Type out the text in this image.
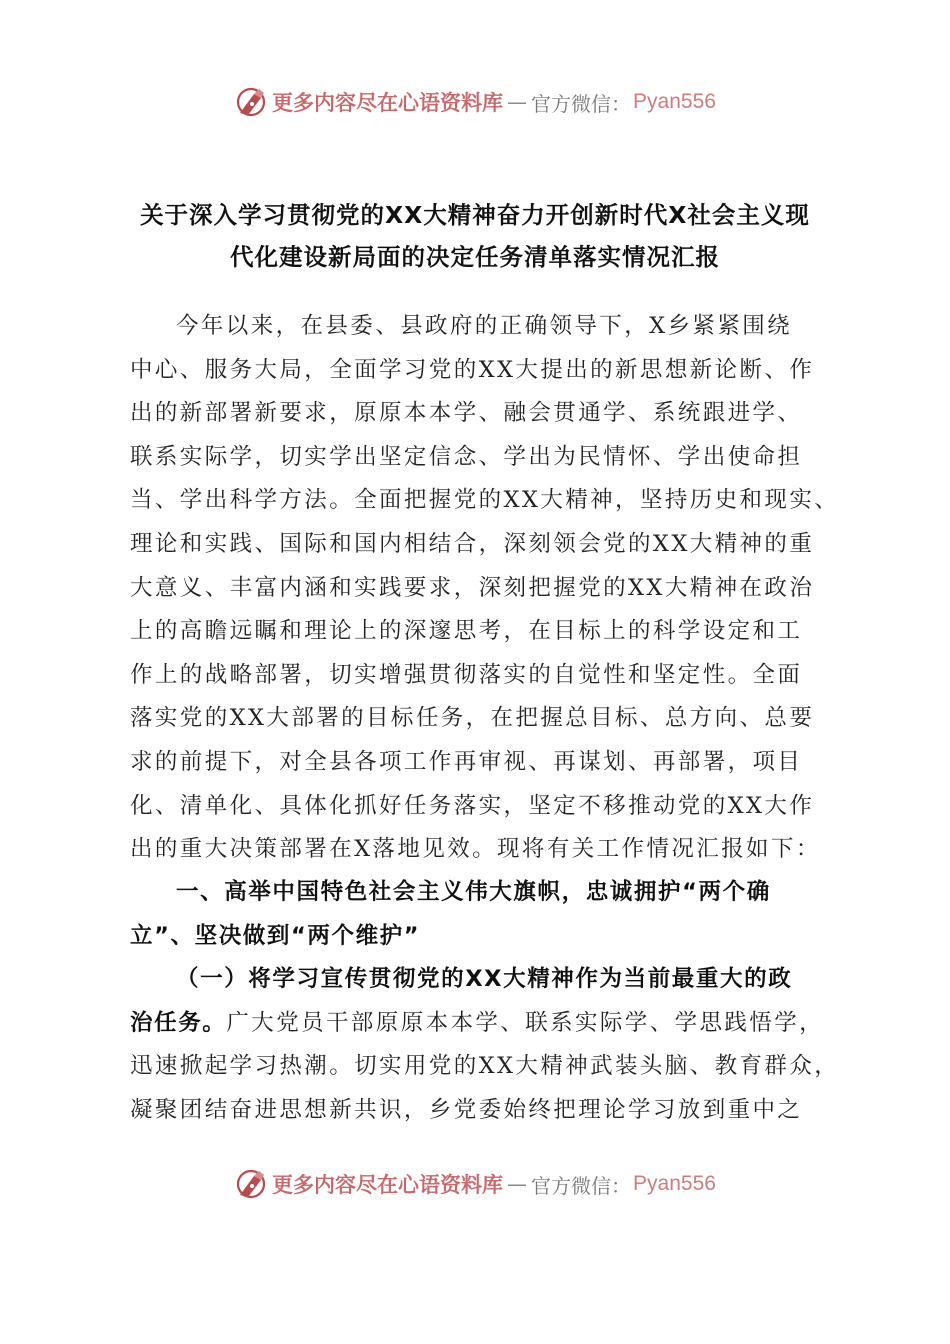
更多内容尽在心语资料库 — 官方微信： Pyan556
关于深入学习贯彻党的XX大精神奋力开创新时代X社会主义现
代化建设新局面的决定任务清单落实情况汇报
今年以来，在县委、县政府的正确领导下，X乡紧紧围绕
中心、服务大局，全面学习党的XX大提出的新思想新论断、作
出的新部署新要求，原原本本学、融会贯通学、系统跟进学、
联系实际学，切实学出坚定信念、学出为民情怀、学出使命担
当、学出科学方法。全面把握党的XX大精神，坚持历史和现实、
理论和实践、国际和国内相结合，深刻领会党的XX大精神的重
大意义、丰富内涵和实践要求，深刻把握党的XX大精神在政治
上的高瞻远瞩和理论上的深邃思考，在目标上的科学设定和工
作上的战略部署，切实增强贯彻落实的自觉性和坚定性。全面
落实党的XX大部署的目标任务，在把握总目标、总方向、总要
求的前提下，对全县各项工作再审视、再谋划、再部署，项目
化、清单化、具体化抓好任务落实，坚定不移推动党的XX大作
出的重大决策部署在X落地见效。现将有关工作情况汇报如下：
一、高举中国特色社会主义伟大旗帜，忠诚拥护“两个确
立”、坚决做到“两个维护”
（一）将学习宣传贯彻党的XX大精神作为当前最重大的政
治任务。广大党员干部原原本本学、联系实际学、学思践悟学，
迅速掀起学习热潮。切实用党的XX大精神武装头脑、教育群众，
凝聚团结奋进思想新共识，乡党委始终把理论学习放到重中之
更多内容尽在心语资料库 — 官方微信： Pyan556
